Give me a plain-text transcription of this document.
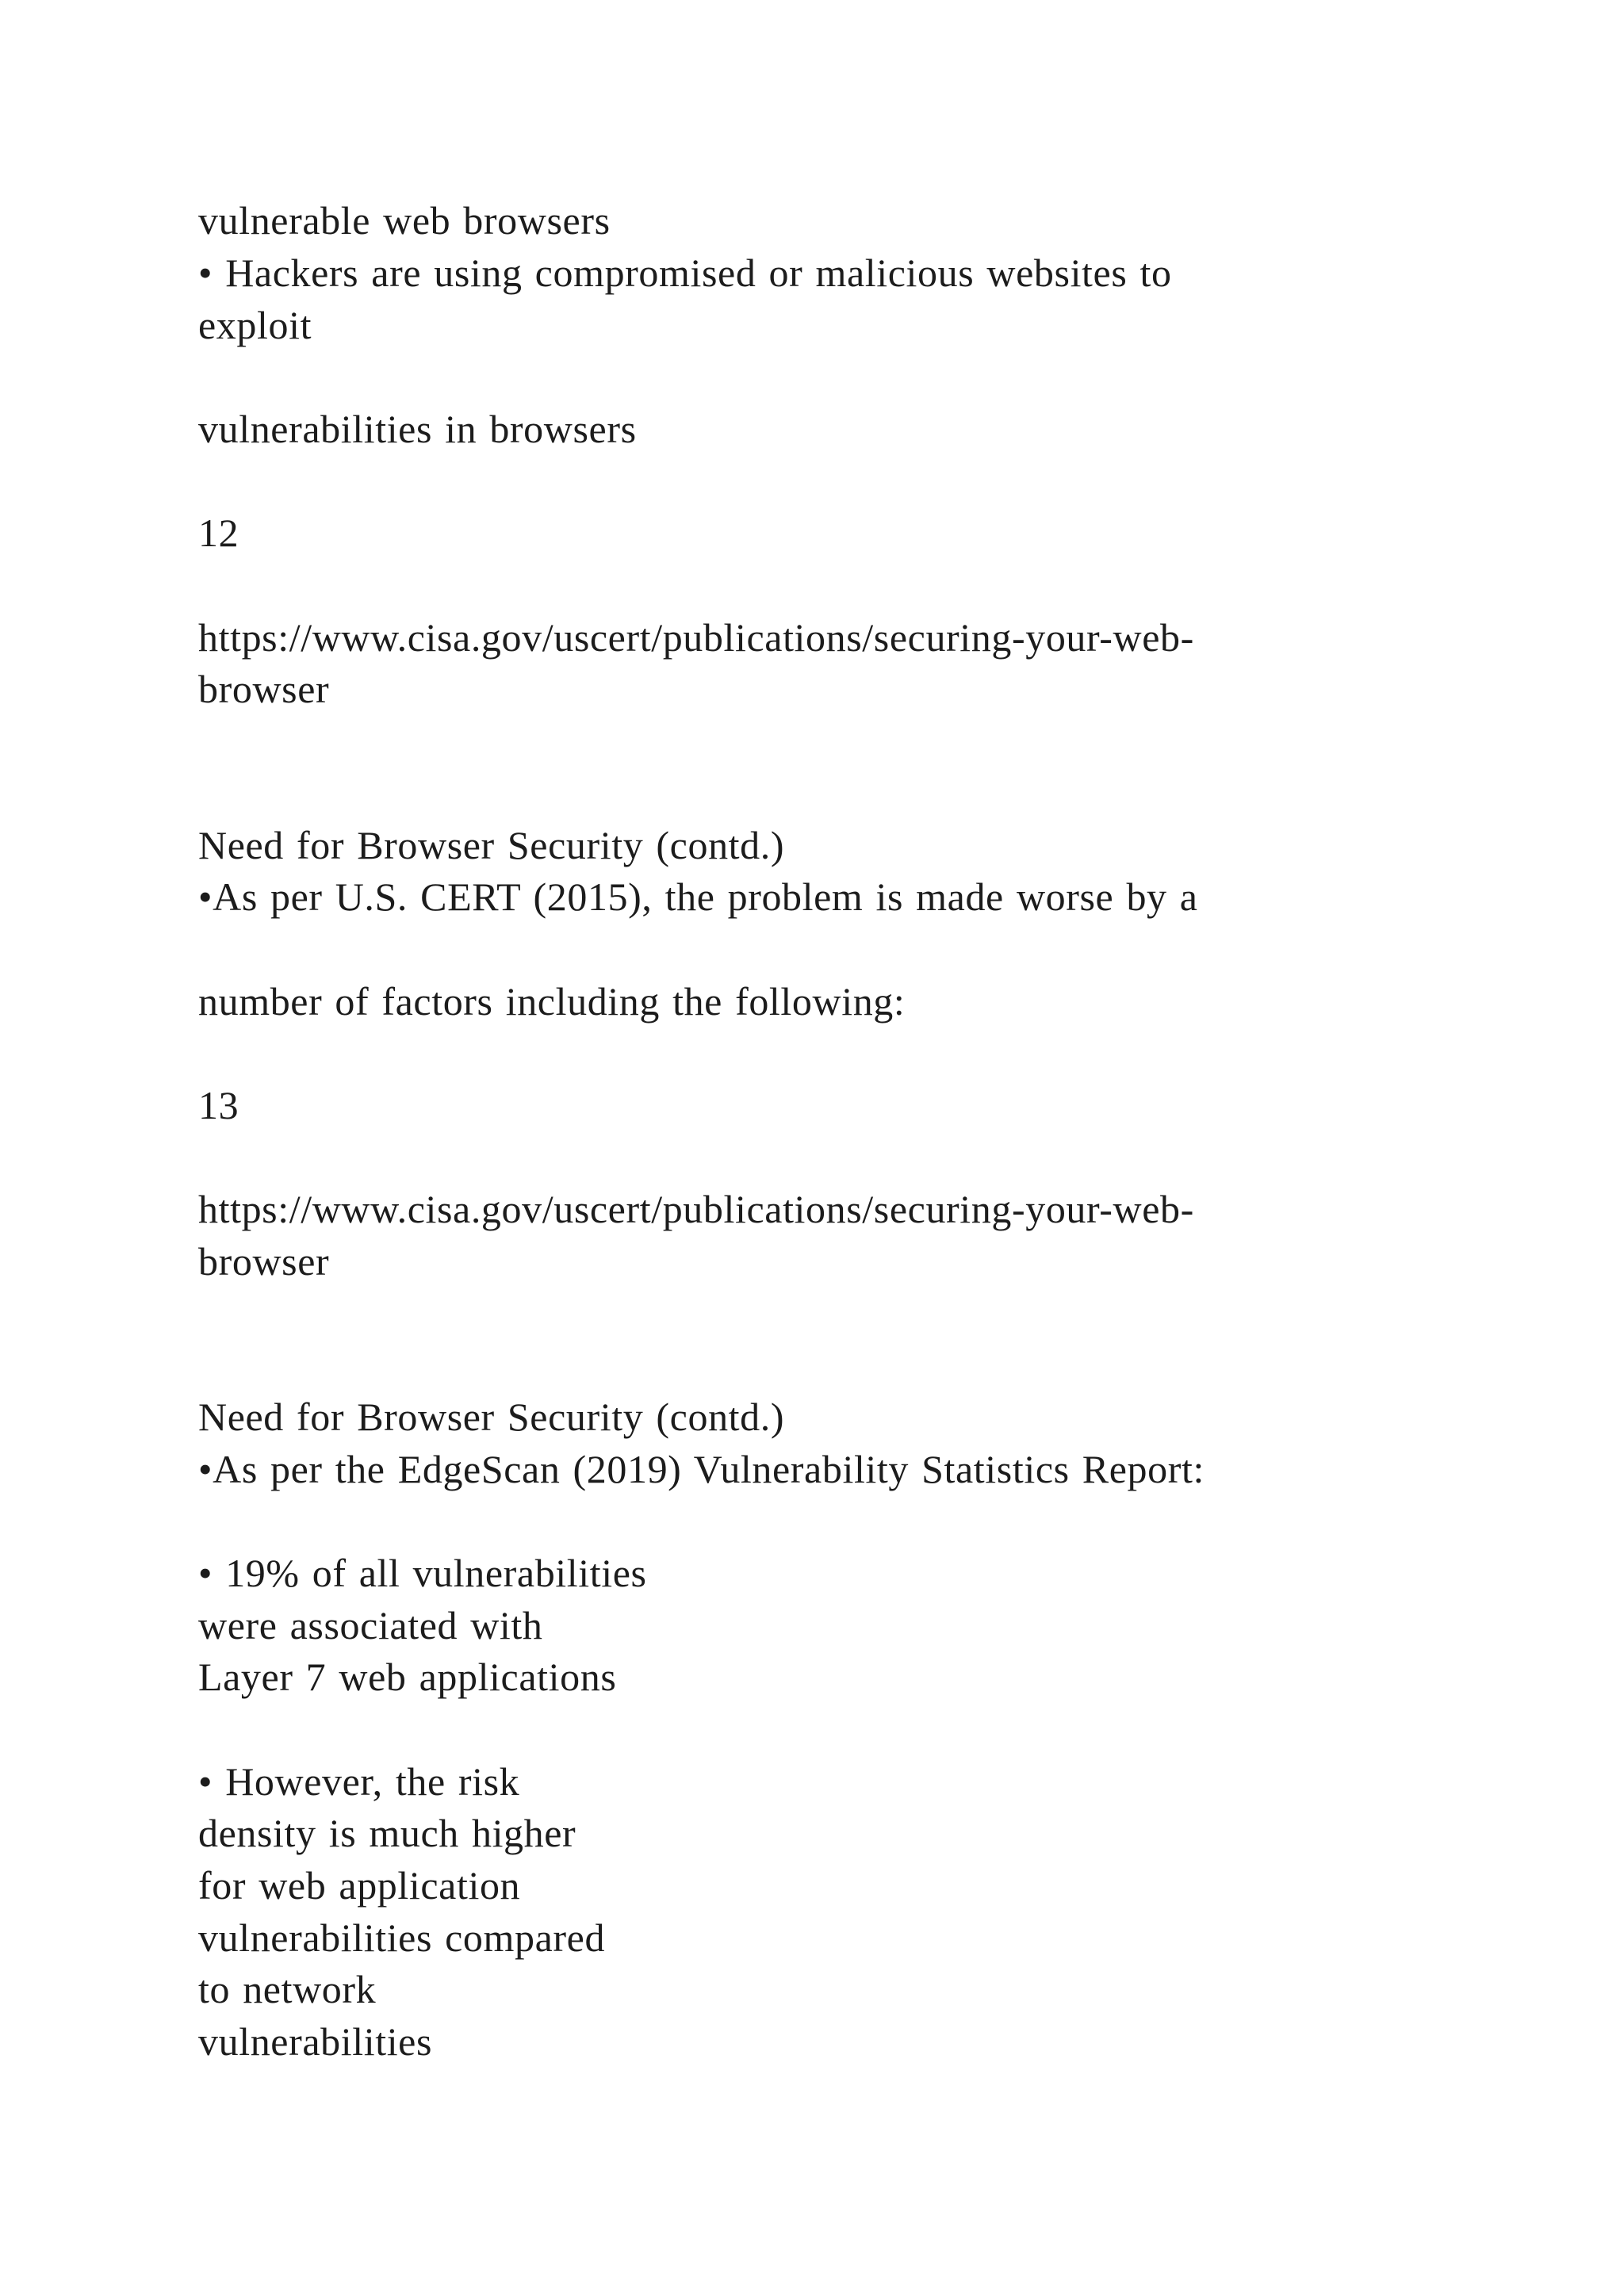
vulnerable web browsers

• Hackers are using compromised or malicious websites to

exploit

vulnerabilities in browsers

12

https://www.cisa.gov/uscert/publications/securing-your-web-

browser

Need for Browser Security (contd.)

•As per U.S. CERT (2015), the problem is made worse by a

number of factors including the following:

13

https://www.cisa.gov/uscert/publications/securing-your-web-

browser

Need for Browser Security (contd.)

•As per the EdgeScan (2019) Vulnerability Statistics Report:

• 19% of all vulnerabilities

were associated with

Layer 7 web applications

• However, the risk

density is much higher

for web application

vulnerabilities compared

to network

vulnerabilities
